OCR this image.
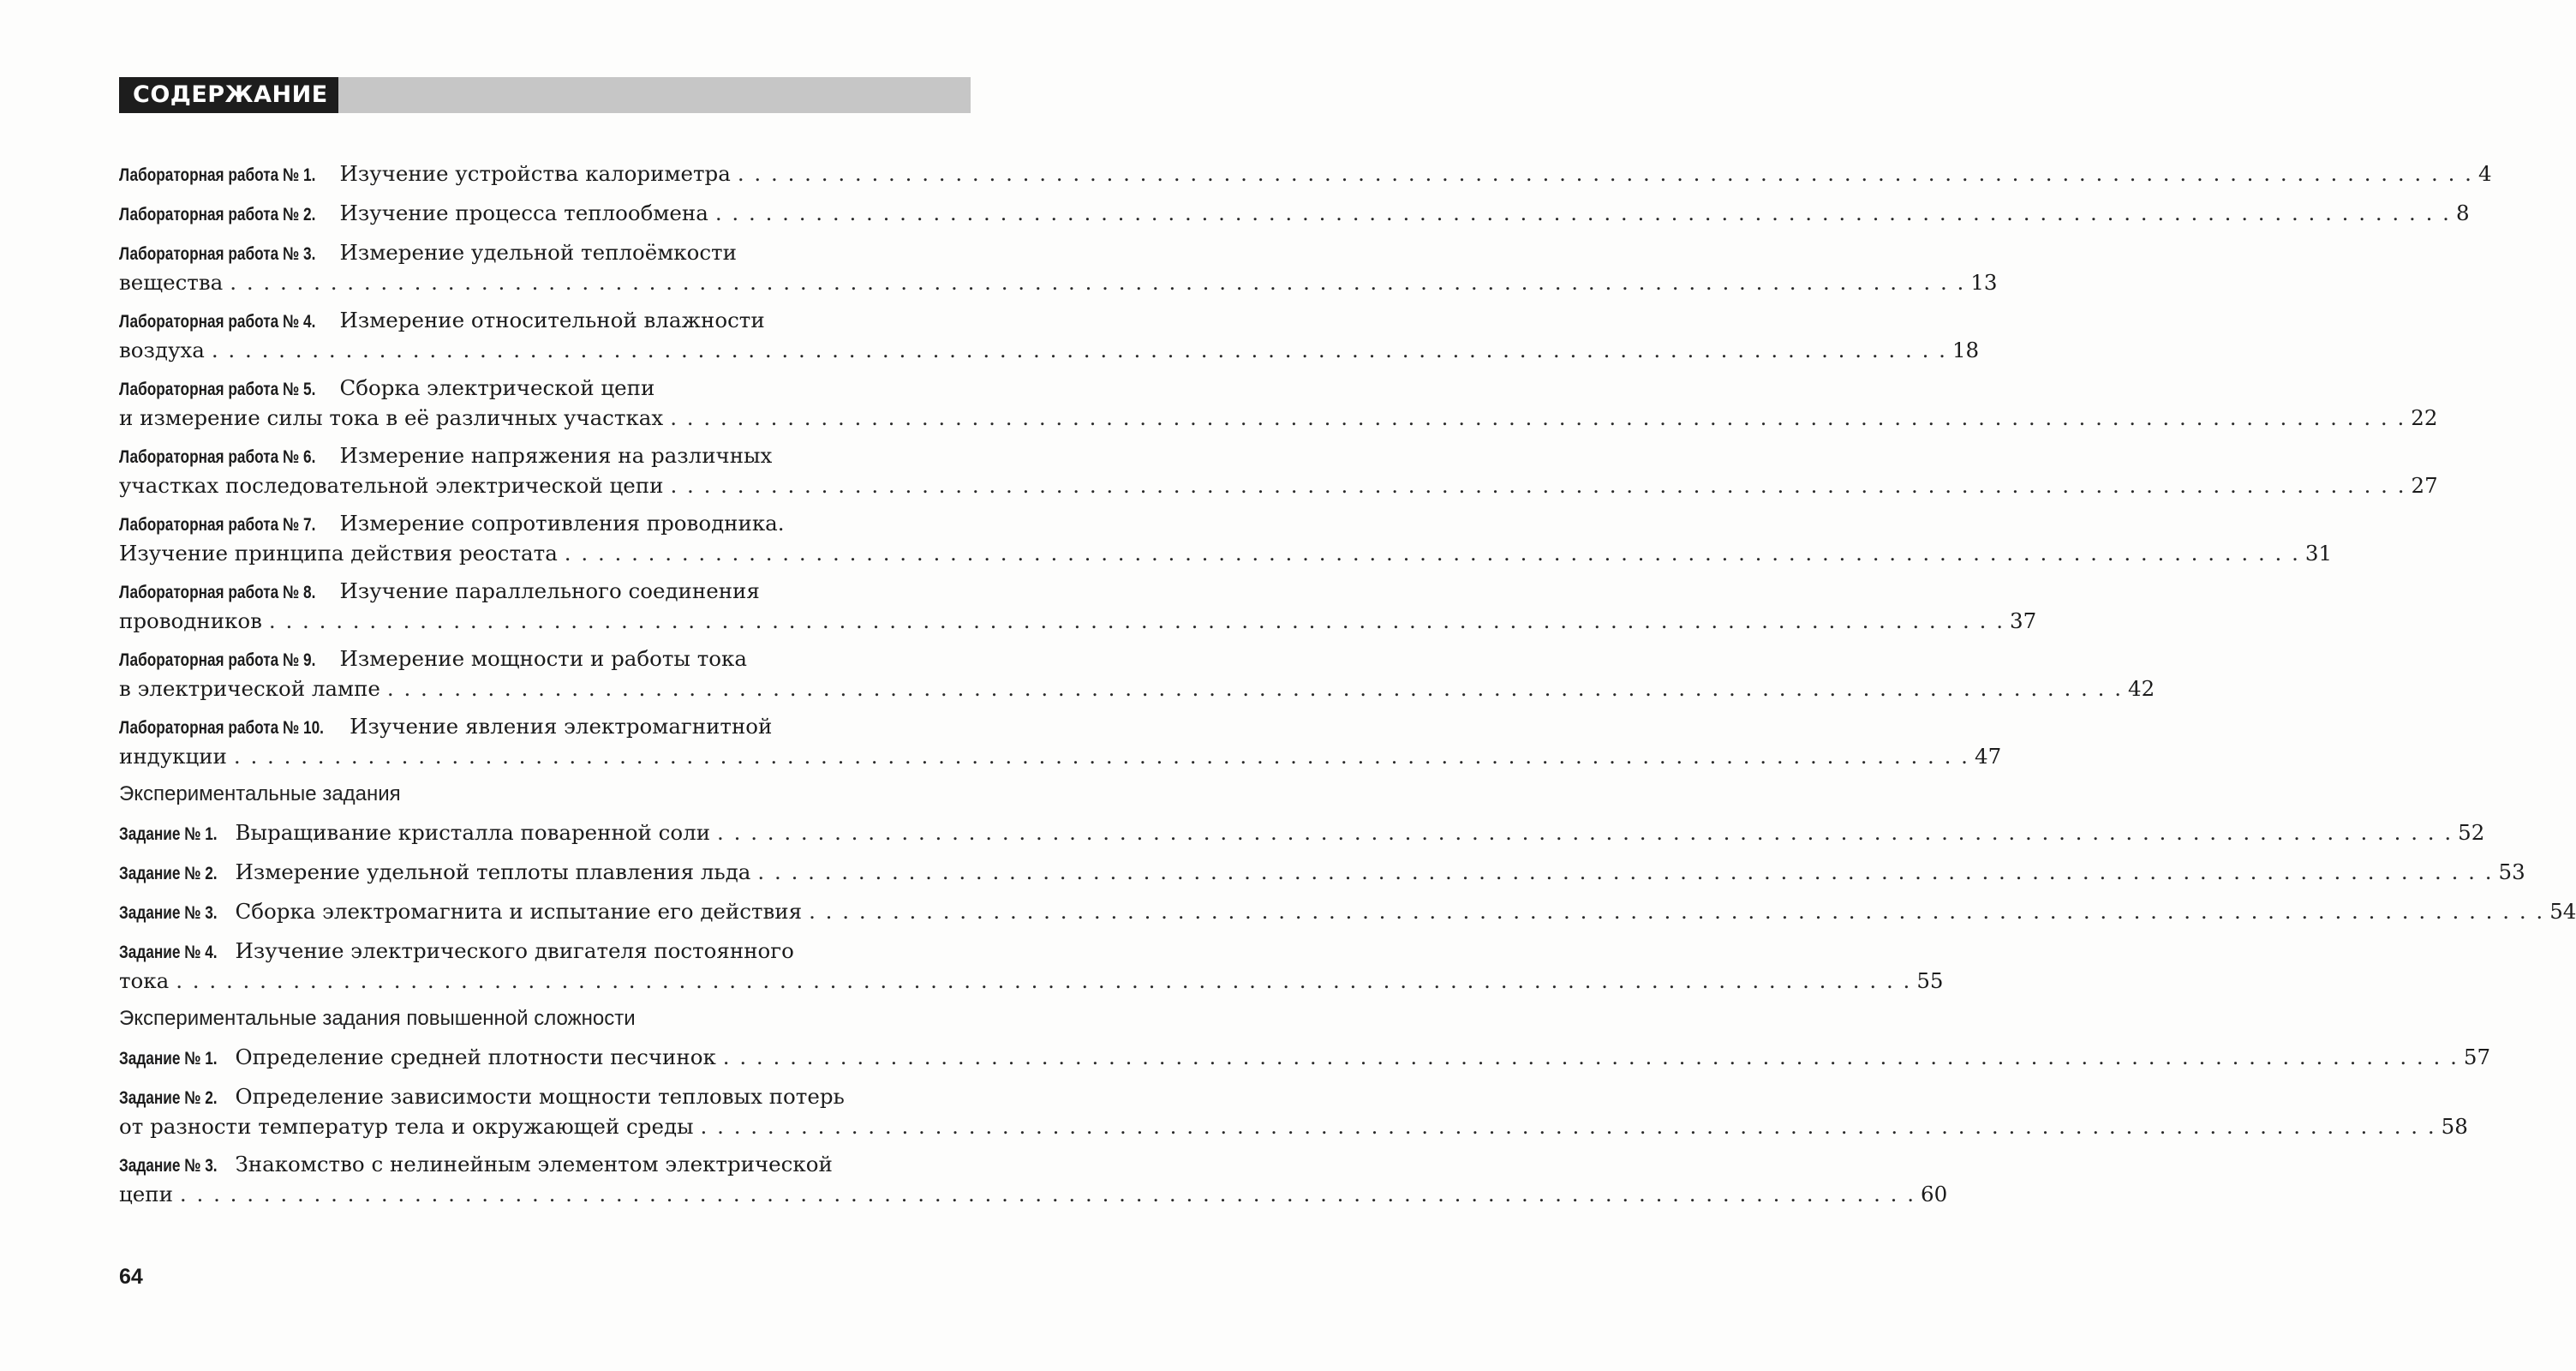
СОДЕРЖАНИЕ
Лабораторная работа № 1. Изучение устройства калориметра . . .	4
Лабораторная работа № 2. Изучение процесса теплообмена . . .	8
Лабораторная работа № 3. Измерение удельной теплоёмкости
вещества . . .	13
Лабораторная работа № 4. Измерение относительной влажности
воздуха . . .	18
Лабораторная работа № 5. Сборка электрической цепи
и измерение силы тока в её различных участках . . .	22
Лабораторная работа № 6. Измерение напряжения на различных
участках последовательной электрической цепи . . .	27
Лабораторная работа № 7. Измерение сопротивления проводника.
Изучение принципа действия реостата . . .	31
Лабораторная работа № 8. Изучение параллельного соединения
проводников . . .	37
Лабораторная работа № 9. Измерение мощности и работы тока
в электрической лампе . . .	42
Лабораторная работа № 10. Изучение явления электромагнитной
индукции . . .	47
Экспериментальные задания
Задание № 1. Выращивание кристалла поваренной соли . . .	52
Задание № 2. Измерение удельной теплоты плавления льда . . .	53
Задание № 3. Сборка электромагнита и испытание его действия . . .	54
Задание № 4. Изучение электрического двигателя постоянного
тока . . .	55
Экспериментальные задания повышенной сложности
Задание № 1. Определение средней плотности песчинок . . .	57
Задание № 2. Определение зависимости мощности тепловых потерь
от разности температур тела и окружающей среды . . .	58
Задание № 3. Знакомство с нелинейным элементом электрической
цепи . . .	60
64
